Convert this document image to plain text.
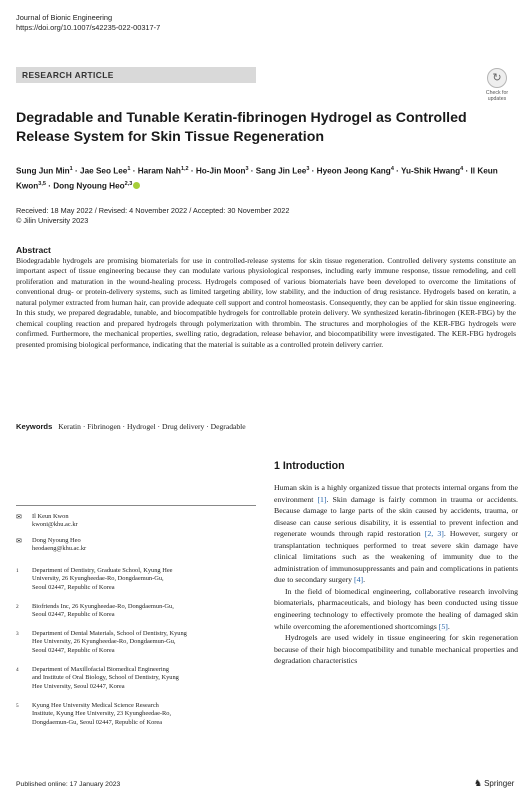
Journal of Bionic Engineering
https://doi.org/10.1007/s42235-022-00317-7
RESEARCH ARTICLE	↻
Check for
updates
Degradable and Tunable Keratin-fibrinogen Hydrogel as Controlled Release System for Skin Tissue Regeneration
Sung Jun Min$^1$ · Jae Seo Lee$^1$ · Haram Nah$^{1,2}$ · Ho-Jin Moon$^3$ · Sang Jin Lee$^3$ · Hyeon Jeong Kang$^4$ · Yu-Shik Hwang$^4$ · Il Keun Kwon$^{3,5}$ · Dong Nyoung Heo$^{2,3}$
Received: 18 May 2022 / Revised: 4 November 2022 / Accepted: 30 November 2022
© Jilin University 2023
Abstract
Biodegradable hydrogels are promising biomaterials for use in controlled-release systems for skin tissue regeneration. Controlled delivery systems constitute an important aspect of tissue engineering because they can modulate various physiological responses, including early immune response, tissue remodeling, and cell proliferation and maturation in the wound-healing process. Hydrogels composed of various biomaterials have been developed to overcome the limitations of conventional drug- or protein-delivery systems, such as limited targeting ability, low stability, and the induction of drug resistance. Hydrogels based on keratin, a natural polymer extracted from human hair, can provide adequate cell support and control homeostasis. Consequently, they can be applied for skin tissue engineering. In this study, we prepared degradable, tunable, and biocompatible hydrogels for controllable protein delivery. We synthesized keratin-fibrinogen (KER-FBG) by the chemical coupling reaction and prepared hydrogels through polymerization with thrombin. The structures and morphologies of the KER-FBG hydrogels were confirmed. Furthermore, the mechanical properties, swelling ratio, degradation, release behavior, and biocompatibility were investigated. The KER-FBG hydrogels presented promising biological performance, indicating that the material is suitable as a controlled protein delivery carrier.
Keywords Keratin · Fibrinogen · Hydrogel · Drug delivery · Degradable
✉ Il Keun Kwon
kwoni@khu.ac.kr
✉ Dong Nyoung Heo
heodaeng@khu.ac.kr
1 Department of Dentistry, Graduate School, Kyung Hee
University, 26 Kyungheedae-Ro, Dongdaemun-Gu,
Seoul 02447, Republic of Korea
2 Biofriends Inc, 26 Kyungheedae-Ro, Dongdaemun-Gu,
Seoul 02447, Republic of Korea
3 Department of Dental Materials, School of Dentistry, Kyung
Hee University, 26 Kyungheedae-Ro, Dongdaemun-Gu,
Seoul 02447, Republic of Korea
4 Department of Maxillofacial Biomedical Engineering
and Institute of Oral Biology, School of Dentistry, Kyung
Hee University, Seoul 02447, Korea
5 Kyung Hee University Medical Science Research
Institute, Kyung Hee University, 23 Kyungheedae-Ro,
Dongdaemun-Gu, Seoul 02447, Republic of Korea
1 Introduction

Human skin is a highly organized tissue that protects internal organs from the environment [1]. Skin damage is fairly common in trauma or accidents. Because damage to large parts of the skin caused by accidents, trauma, or disease can cause serious disability, it is essential to prevent infection and regenerate wounds through rapid restoration [2, 3]. However, surgery or transplantation techniques performed to treat severe skin damage have clinical limitations such as the weakening of immunity due to the administration of immunosuppressants and pain and complications in patients due to secondary surgery [4].

In the field of biomedical engineering, collaborative research involving biomaterials, pharmaceuticals, and biology has been conducted using tissue engineering technology to effectively promote the healing of damaged skin while overcoming the aforementioned shortcomings [5].

Hydrogels are used widely in tissue engineering for skin regeneration because of their high biocompatibility and tunable mechanical properties and degradation characteristics

Published online: 17 January 2023	♞ Springer
